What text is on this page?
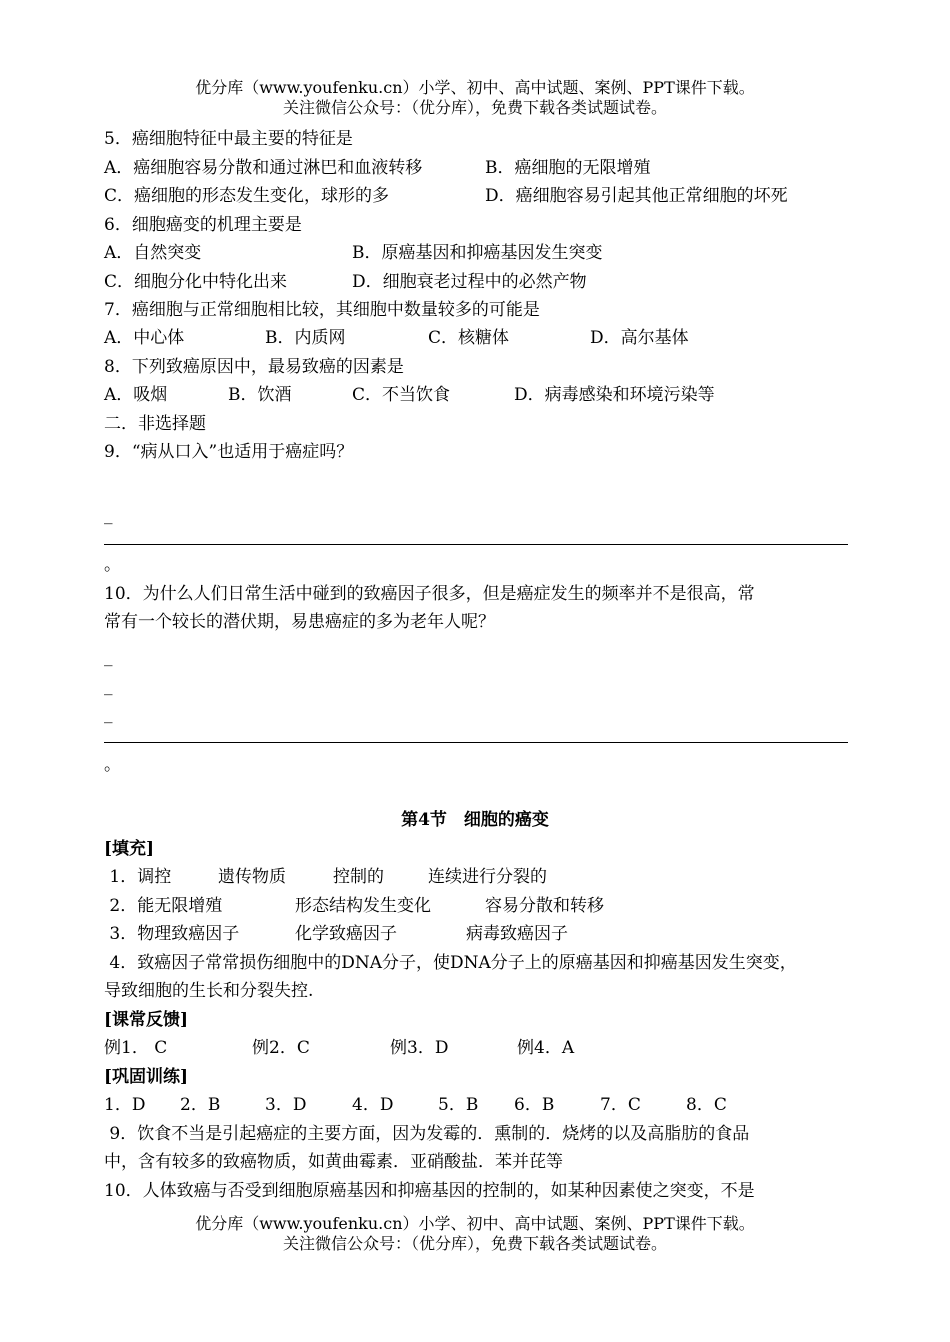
优分库（www.youfenku.cn）小学、初中、高中试题、案例、PPT课件下载。
关注微信公众号：（优分库），免费下载各类试题试卷。
5．癌细胞特征中最主要的特征是
A．癌细胞容易分散和通过淋巴和血液转移	B．癌细胞的无限增殖
C．癌细胞的形态发生变化，球形的多	D．癌细胞容易引起其他正常细胞的坏死
6．细胞癌变的机理主要是
A．自然突变	B．原癌基因和抑癌基因发生突变
C．细胞分化中特化出来	D．细胞衰老过程中的必然产物
7．癌细胞与正常细胞相比较，其细胞中数量较多的可能是
A．中心体	B．内质网	C．核糖体	D．高尔基体
8．下列致癌原因中，最易致癌的因素是
A．吸烟	B．饮酒	C．不当饮食	D．病毒感染和环境污染等
二．非选择题
9．“病从口入”也适用于癌症吗？
_
。
10．为什么人们日常生活中碰到的致癌因子很多，但是癌症发生的频率并不是很高，常
常有一个较长的潜伏期，易患癌症的多为老年人呢？
_
_
_
。
第4节　细胞的癌变
[填充]
1．调控	遗传物质	控制的	连续进行分裂的
2．能无限增殖	形态结构发生变化	容易分散和转移
3．物理致癌因子	化学致癌因子	病毒致癌因子
4．致癌因子常常损伤细胞中的DNA分子，使DNA分子上的原癌基因和抑癌基因发生突变，
导致细胞的生长和分裂失控.
[课常反馈]
例1． C	例2．C	例3．D	例4．A
[巩固训练]
1．D 2．B	3．D	4．D	5．B 6．B	7．C	8．C
9．饮食不当是引起癌症的主要方面，因为发霉的．熏制的．烧烤的以及高脂肪的食品
中，含有较多的致癌物质，如黄曲霉素．亚硝酸盐．苯并芘等
10．人体致癌与否受到细胞原癌基因和抑癌基因的控制的，如某种因素使之突变，不是
优分库（www.youfenku.cn）小学、初中、高中试题、案例、PPT课件下载。
关注微信公众号：（优分库），免费下载各类试题试卷。
